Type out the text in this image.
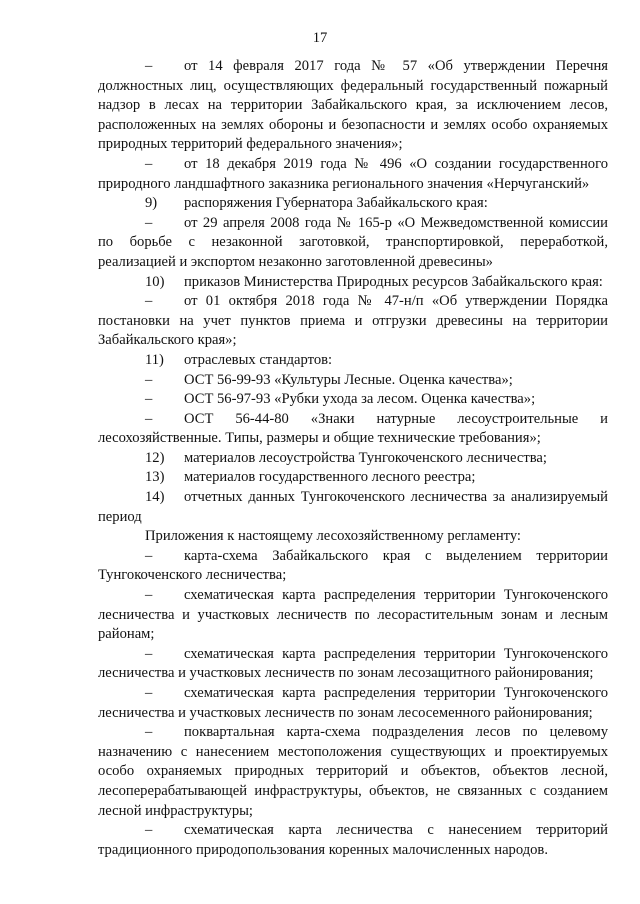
17

– от 14 февраля 2017 года № 57 «Об утверждении Перечня должностных лиц, осуществляющих федеральный государственный пожарный надзор в лесах на территории Забайкальского края, за исключением лесов, расположенных на землях обороны и безопасности и землях особо охраняемых природных территорий федерального значения»;

– от 18 декабря 2019 года № 496 «О создании государственного природного ландшафтного заказника регионального значения «Нерчуганский»

9) распоряжения Губернатора Забайкальского края:

– от 29 апреля 2008 года № 165-р «О Межведомственной комиссии по борьбе с незаконной заготовкой, транспортировкой, переработкой, реализацией и экспортом незаконно заготовленной древесины»

10) приказов Министерства Природных ресурсов Забайкальского края:

– от 01 октября 2018 года № 47-н/п «Об утверждении Порядка постановки на учет пунктов приема и отгрузки древесины на территории Забайкальского края»;

11) отраслевых стандартов:

– ОСТ 56-99-93 «Культуры Лесные. Оценка качества»;

– ОСТ 56-97-93 «Рубки ухода за лесом. Оценка качества»;

– ОСТ 56-44-80 «Знаки натурные лесоустроительные и лесохозяйственные. Типы, размеры и общие технические требования»;

12) материалов лесоустройства Тунгокоченского лесничества;

13) материалов государственного лесного реестра;

14) отчетных данных Тунгокоченского лесничества за анализируемый период

Приложения к настоящему лесохозяйственному регламенту:

– карта-схема Забайкальского края с выделением территории Тунгокоченского лесничества;

– схематическая карта распределения территории Тунгокоченского лесничества и участковых лесничеств по лесорастительным зонам и лесным районам;

– схематическая карта распределения территории Тунгокоченского лесничества и участковых лесничеств по зонам лесозащитного районирования;

– схематическая карта распределения территории Тунгокоченского лесничества и участковых лесничеств по зонам лесосеменного районирования;

– поквартальная карта-схема подразделения лесов по целевому назначению с нанесением местоположения существующих и проектируемых особо охраняемых природных территорий и объектов, объектов лесной, лесоперерабатывающей инфраструктуры, объектов, не связанных с созданием лесной инфраструктуры;

– схематическая карта лесничества с нанесением территорий традиционного природопользования коренных малочисленных народов.
